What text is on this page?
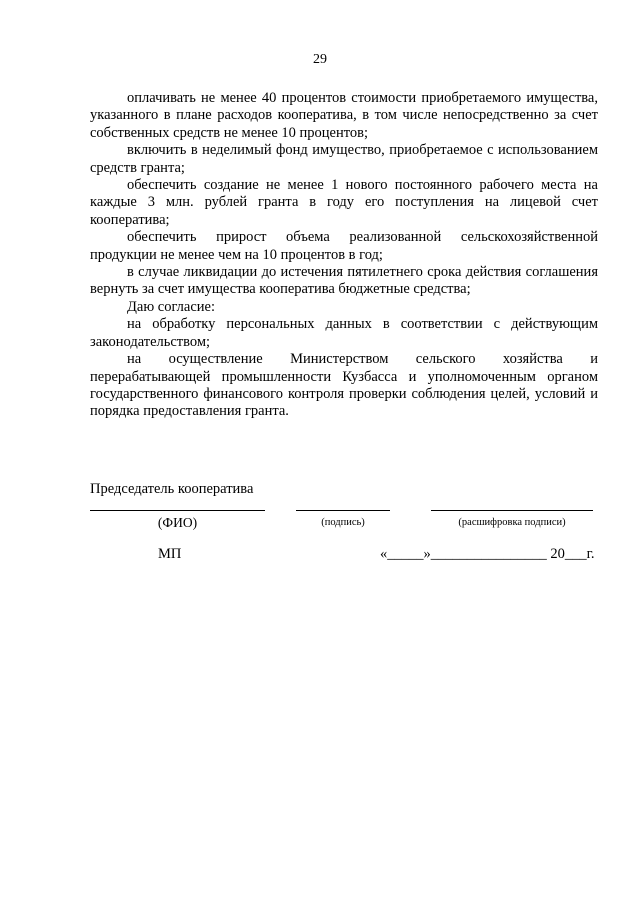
29

оплачивать не менее 40 процентов стоимости приобретаемого имущества, указанного в плане расходов кооператива, в том числе непосредственно за счет собственных средств не менее 10 процентов;

включить в неделимый фонд имущество, приобретаемое с использованием средств гранта;

обеспечить создание не менее 1 нового постоянного рабочего места на каждые 3 млн. рублей гранта в году его поступления на лицевой счет кооператива;

обеспечить прирост объема реализованной сельскохозяйственной продукции не менее чем на 10 процентов в год;

в случае ликвидации до истечения пятилетнего срока действия соглашения вернуть за счет имущества кооператива бюджетные средства;

Даю согласие:

на обработку персональных данных в соответствии с действующим законодательством;

на осуществление Министерством сельского хозяйства и перерабатывающей промышленности Кузбасса и уполномоченным органом государственного финансового контроля проверки соблюдения целей, условий и порядка предоставления гранта.

Председатель кооператива
(ФИО)	(подпись)	(расшифровка подписи)
МП	«_____»________________ 20___г.
